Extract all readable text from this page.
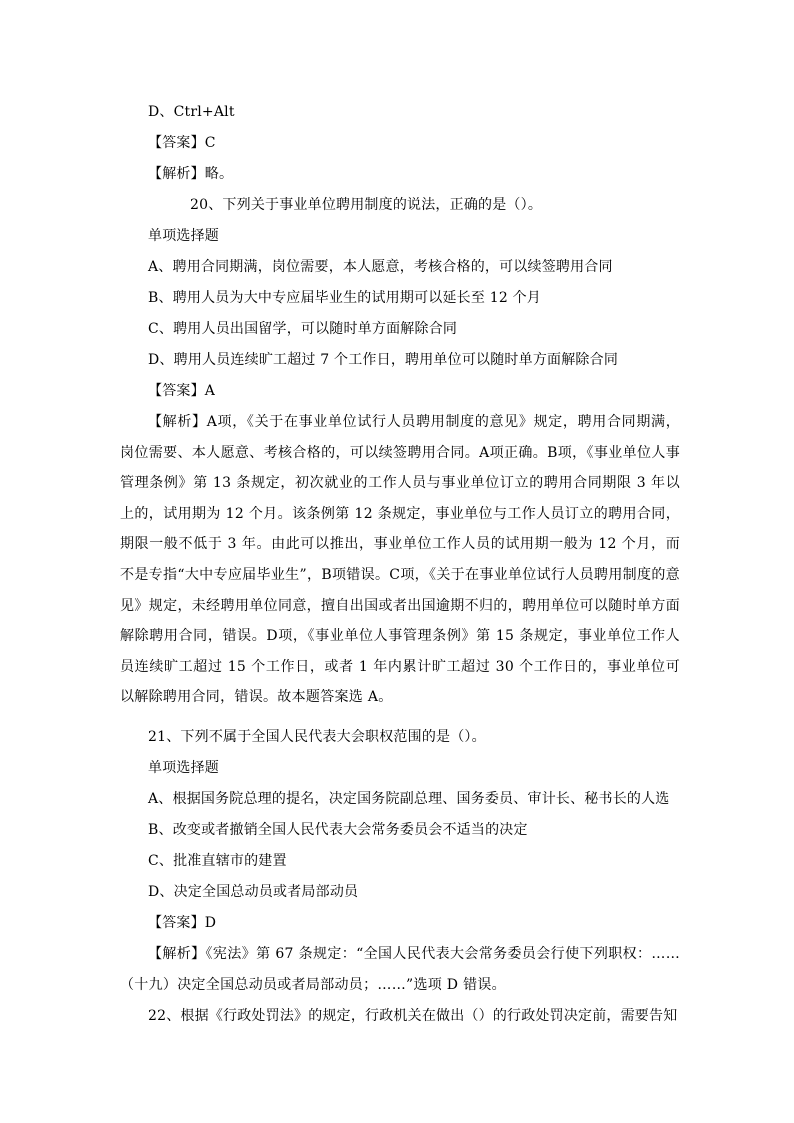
D、Ctrl+Alt
【答案】C
【解析】略。
20、下列关于事业单位聘用制度的说法，正确的是（）。
单项选择题
A、聘用合同期满，岗位需要，本人愿意，考核合格的，可以续签聘用合同
B、聘用人员为大中专应届毕业生的试用期可以延长至 12 个月
C、聘用人员出国留学，可以随时单方面解除合同
D、聘用人员连续旷工超过 7 个工作日，聘用单位可以随时单方面解除合同
【答案】A
【解析】A项，《关于在事业单位试行人员聘用制度的意见》规定，聘用合同期满，岗位需要、本人愿意、考核合格的，可以续签聘用合同。A项正确。B项，《事业单位人事管理条例》第 13 条规定，初次就业的工作人员与事业单位订立的聘用合同期限 3 年以上的，试用期为 12 个月。该条例第 12 条规定，事业单位与工作人员订立的聘用合同，期限一般不低于 3 年。由此可以推出，事业单位工作人员的试用期一般为 12 个月，而不是专指“大中专应届毕业生”，B项错误。C项，《关于在事业单位试行人员聘用制度的意见》规定，未经聘用单位同意，擅自出国或者出国逾期不归的，聘用单位可以随时单方面解除聘用合同，错误。D项，《事业单位人事管理条例》第 15 条规定，事业单位工作人员连续旷工超过 15 个工作日，或者 1 年内累计旷工超过 30 个工作日的，事业单位可以解除聘用合同，错误。故本题答案选 A。
21、下列不属于全国人民代表大会职权范围的是（）。
单项选择题
A、根据国务院总理的提名，决定国务院副总理、国务委员、审计长、秘书长的人选
B、改变或者撤销全国人民代表大会常务委员会不适当的决定
C、批准直辖市的建置
D、决定全国总动员或者局部动员
【答案】D
【解析】《宪法》第 67 条规定：“全国人民代表大会常务委员会行使下列职权：……（十九）决定全国总动员或者局部动员；……”选项 D 错误。
22、根据《行政处罚法》的规定，行政机关在做出（）的行政处罚决定前，需要告知
